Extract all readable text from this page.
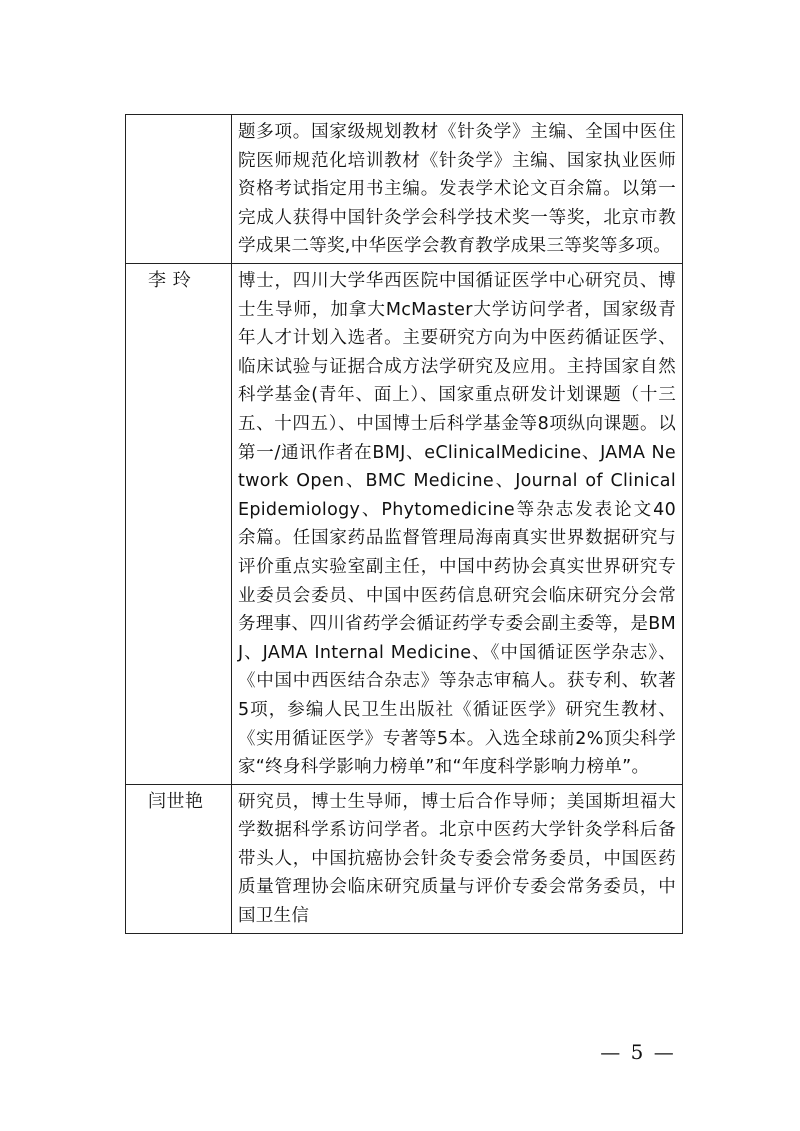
	题多项。国家级规划教材《针灸学》主编、全国中医住院医师规范化培训教材《针灸学》主编、国家执业医师资格考试指定用书主编。发表学术论文百余篇。以第一完成人获得中国针灸学会科学技术奖一等奖，北京市教学成果二等奖,中华医学会教育教学成果三等奖等多项。

李 玲	博士，四川大学华西医院中国循证医学中心研究员、博士生导师，加拿大McMaster大学访问学者，国家级青年人才计划入选者。主要研究方向为中医药循证医学、临床试验与证据合成方法学研究及应用。主持国家自然科学基金(青年、面上）、国家重点研发计划课题（十三五、十四五）、中国博士后科学基金等8项纵向课题。以第一/通讯作者在BMJ、eClinicalMedicine、JAMA Network Open、BMC Medicine、Journal of Clinical Epidemiology、Phytomedicine等杂志发表论文40余篇。任国家药品监督管理局海南真实世界数据研究与评价重点实验室副主任，中国中药协会真实世界研究专业委员会委员、中国中医药信息研究会临床研究分会常务理事、四川省药学会循证药学专委会副主委等，是BMJ、JAMA Internal Medicine、《中国循证医学杂志》、《中国中西医结合杂志》等杂志审稿人。获专利、软著5项，参编人民卫生出版社《循证医学》研究生教材、《实用循证医学》专著等5本。入选全球前2%顶尖科学家“终身科学影响力榜单”和“年度科学影响力榜单”。

闫世艳	研究员，博士生导师，博士后合作导师；美国斯坦福大学数据科学系访问学者。北京中医药大学针灸学科后备带头人，中国抗癌协会针灸专委会常务委员，中国医药质量管理协会临床研究质量与评价专委会常务委员，中国卫生信
— 5 —
